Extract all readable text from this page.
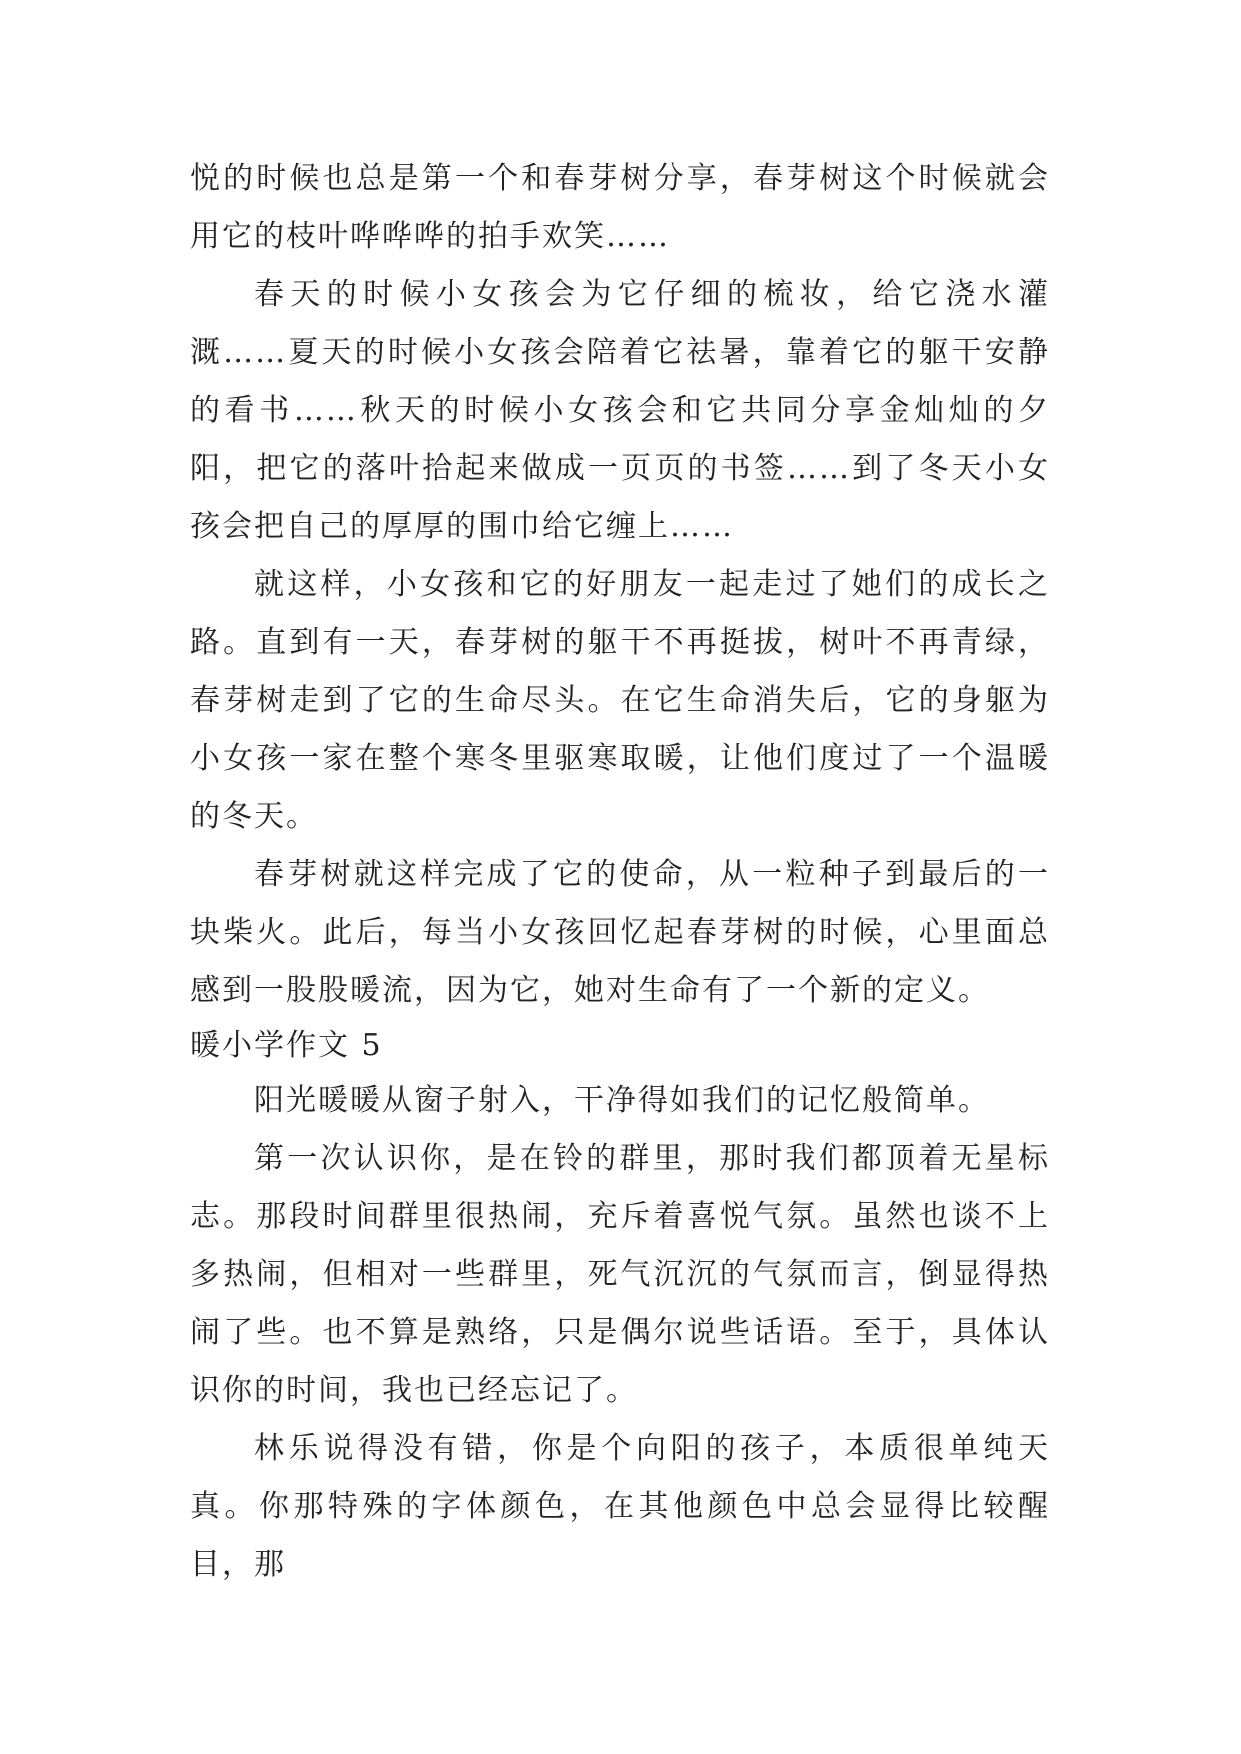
悦的时候也总是第一个和春芽树分享，春芽树这个时候就会用它的枝叶哗哗哗的拍手欢笑……

春天的时候小女孩会为它仔细的梳妆，给它浇水灌溉……夏天的时候小女孩会陪着它祛暑，靠着它的躯干安静的看书……秋天的时候小女孩会和它共同分享金灿灿的夕阳，把它的落叶拾起来做成一页页的书签……到了冬天小女孩会把自己的厚厚的围巾给它缠上……

就这样，小女孩和它的好朋友一起走过了她们的成长之路。直到有一天，春芽树的躯干不再挺拔，树叶不再青绿，春芽树走到了它的生命尽头。在它生命消失后，它的身躯为小女孩一家在整个寒冬里驱寒取暖，让他们度过了一个温暖的冬天。

春芽树就这样完成了它的使命，从一粒种子到最后的一块柴火。此后，每当小女孩回忆起春芽树的时候，心里面总感到一股股暖流，因为它，她对生命有了一个新的定义。

暖小学作文 5

阳光暖暖从窗子射入，干净得如我们的记忆般简单。

第一次认识你，是在铃的群里，那时我们都顶着无星标志。那段时间群里很热闹，充斥着喜悦气氛。虽然也谈不上多热闹，但相对一些群里，死气沉沉的气氛而言，倒显得热闹了些。也不算是熟络，只是偶尔说些话语。至于，具体认识你的时间，我也已经忘记了。

林乐说得没有错，你是个向阳的孩子，本质很单纯天真。你那特殊的字体颜色，在其他颜色中总会显得比较醒目，那
